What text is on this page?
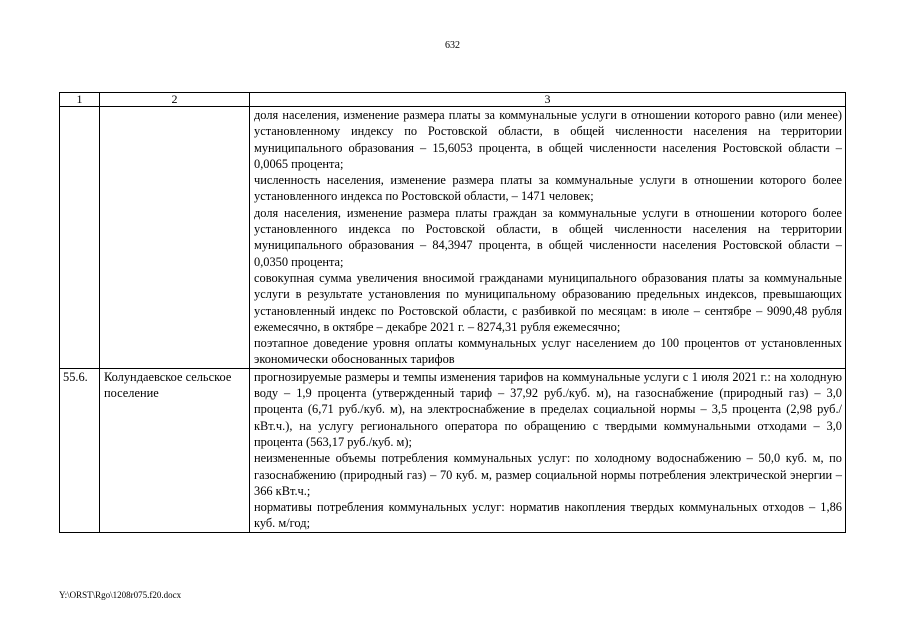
632
1	2	3

		доля населения, изменение размера платы за коммунальные услуги в отношении которого равно (или менее) установленному индексу по Ростовской области, в общей численности населения на территории муниципального образования – 15,6053 процента, в общей численности населения Ростовской области – 0,0065 процента;

численность населения, изменение размера платы за коммунальные услуги в отношении которого более установленного индекса по Ростовской области, – 1471 человек;

доля населения, изменение размера платы граждан за коммунальные услуги в отношении которого более установленного индекса по Ростовской области, в общей численности населения на территории муниципального образования – 84,3947 процента, в общей численности населения Ростовской области – 0,0350 процента;

совокупная сумма увеличения вносимой гражданами муниципального образования платы за коммунальные услуги в результате установления по муниципальному образованию предельных индексов, превышающих установленный индекс по Ростовской области, с разбивкой по месяцам: в июле – сентябре – 9090,48 рубля ежемесячно, в октябре – декабре 2021 г. – 8274,31 рубля ежемесячно;

поэтапное доведение уровня оплаты коммунальных услуг населением до 100 процентов от установленных экономически обоснованных тарифов

55.6.	Колундаевское сельское поселение	прогнозируемые размеры и темпы изменения тарифов на коммунальные услуги с 1 июля 2021 г.: на холодную воду – 1,9 процента (утвержденный тариф – 37,92 руб./куб. м), на газоснабжение (природный газ) – 3,0 процента (6,71 руб./куб. м), на электроснабжение в пределах социальной нормы – 3,5 процента (2,98 руб./кВт.ч.), на услугу регионального оператора по обращению с твердыми коммунальными отходами – 3,0 процента (563,17 руб./куб. м);

неизмененные объемы потребления коммунальных услуг: по холодному водоснабжению – 50,0 куб. м, по газоснабжению (природный газ) – 70 куб. м, размер социальной нормы потребления электрической энергии – 366 кВт.ч.;

нормативы потребления коммунальных услуг: норматив накопления твердых коммунальных отходов – 1,86 куб. м/год;

Y:\ORST\Rgo\1208r075.f20.docx
